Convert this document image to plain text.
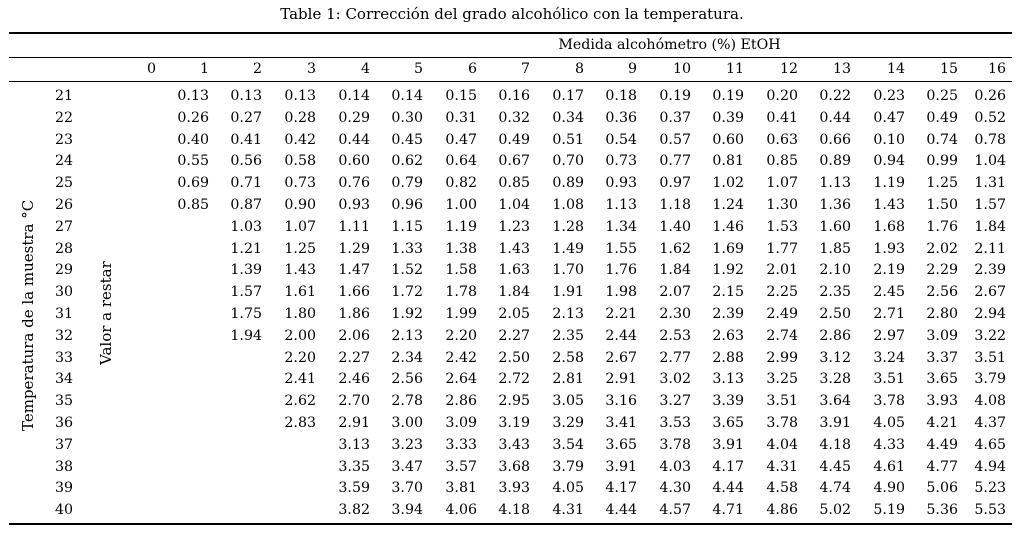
Table 1: Corrección del grado alcohólico con la temperatura.
	Medida alcohómetro (%) EtOH
	0	1	2	3	4	5	6	7	8	9	10	11	12	13	14	15	16
21		0.13	0.13	0.13	0.14	0.14	0.15	0.16	0.17	0.18	0.19	0.19	0.20	0.22	0.23	0.25	0.26
22		0.26	0.27	0.28	0.29	0.30	0.31	0.32	0.34	0.36	0.37	0.39	0.41	0.44	0.47	0.49	0.52
23		0.40	0.41	0.42	0.44	0.45	0.47	0.49	0.51	0.54	0.57	0.60	0.63	0.66	0.10	0.74	0.78
24		0.55	0.56	0.58	0.60	0.62	0.64	0.67	0.70	0.73	0.77	0.81	0.85	0.89	0.94	0.99	1.04
25		0.69	0.71	0.73	0.76	0.79	0.82	0.85	0.89	0.93	0.97	1.02	1.07	1.13	1.19	1.25	1.31
26		0.85	0.87	0.90	0.93	0.96	1.00	1.04	1.08	1.13	1.18	1.24	1.30	1.36	1.43	1.50	1.57
27			1.03	1.07	1.11	1.15	1.19	1.23	1.28	1.34	1.40	1.46	1.53	1.60	1.68	1.76	1.84
28			1.21	1.25	1.29	1.33	1.38	1.43	1.49	1.55	1.62	1.69	1.77	1.85	1.93	2.02	2.11
29			1.39	1.43	1.47	1.52	1.58	1.63	1.70	1.76	1.84	1.92	2.01	2.10	2.19	2.29	2.39
30			1.57	1.61	1.66	1.72	1.78	1.84	1.91	1.98	2.07	2.15	2.25	2.35	2.45	2.56	2.67
31			1.75	1.80	1.86	1.92	1.99	2.05	2.13	2.21	2.30	2.39	2.49	2.50	2.71	2.80	2.94
32			1.94	2.00	2.06	2.13	2.20	2.27	2.35	2.44	2.53	2.63	2.74	2.86	2.97	3.09	3.22
33				2.20	2.27	2.34	2.42	2.50	2.58	2.67	2.77	2.88	2.99	3.12	3.24	3.37	3.51
34				2.41	2.46	2.56	2.64	2.72	2.81	2.91	3.02	3.13	3.25	3.28	3.51	3.65	3.79
35				2.62	2.70	2.78	2.86	2.95	3.05	3.16	3.27	3.39	3.51	3.64	3.78	3.93	4.08
36				2.83	2.91	3.00	3.09	3.19	3.29	3.41	3.53	3.65	3.78	3.91	4.05	4.21	4.37
37					3.13	3.23	3.33	3.43	3.54	3.65	3.78	3.91	4.04	4.18	4.33	4.49	4.65
38					3.35	3.47	3.57	3.68	3.79	3.91	4.03	4.17	4.31	4.45	4.61	4.77	4.94
39					3.59	3.70	3.81	3.93	4.05	4.17	4.30	4.44	4.58	4.74	4.90	5.06	5.23
40					3.82	3.94	4.06	4.18	4.31	4.44	4.57	4.71	4.86	5.02	5.19	5.36	5.53
Temperatura de la muestra °C	Valor a restar
